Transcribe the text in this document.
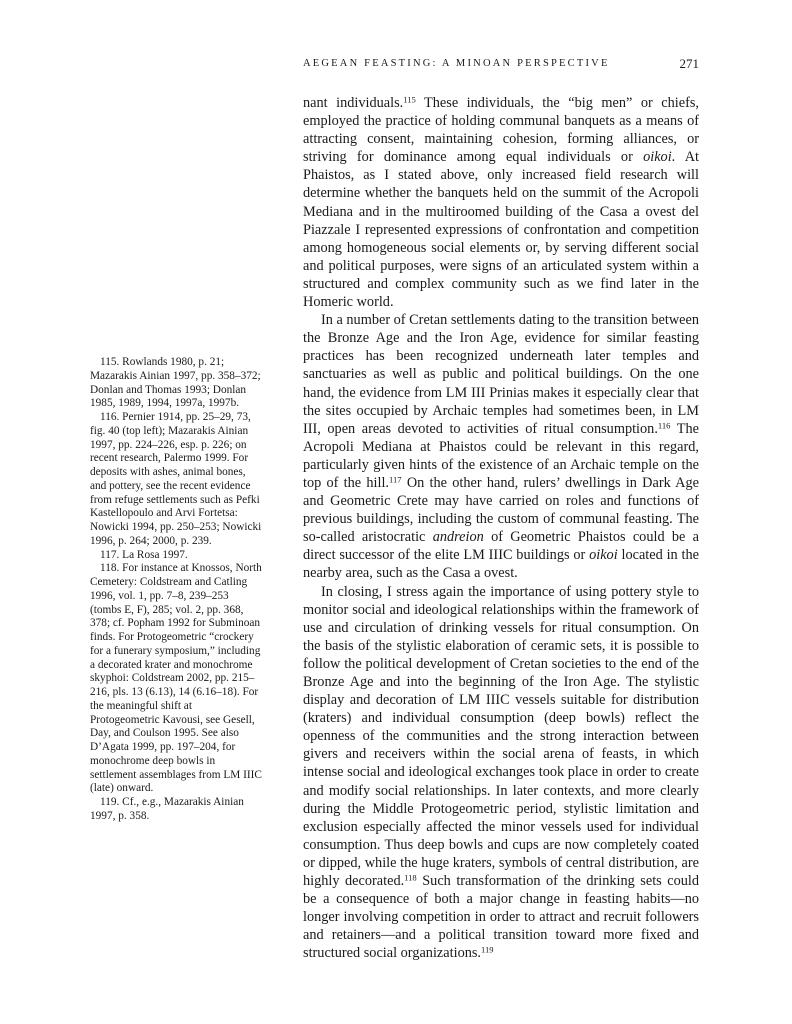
AEGEAN FEASTING: A MINOAN PERSPECTIVE	271

nant individuals.$^{115}$ These individuals, the “big men” or chiefs, employed the practice of holding communal banquets as a means of attracting consent, maintaining cohesion, forming alliances, or striving for dominance among equal individuals or oikoi. At Phaistos, as I stated above, only increased field research will determine whether the banquets held on the summit of the Acropoli Mediana and in the multiroomed building of the Casa a ovest del Piazzale I represented expressions of confrontation and competition among homogeneous social elements or, by serving different social and political purposes, were signs of an articulated system within a structured and complex community such as we find later in the Homeric world.

In a number of Cretan settlements dating to the transition between the Bronze Age and the Iron Age, evidence for similar feasting practices has been recognized underneath later temples and sanctuaries as well as public and political buildings. On the one hand, the evidence from LM III Prinias makes it especially clear that the sites occupied by Archaic temples had sometimes been, in LM III, open areas devoted to activities of ritual consumption.$^{116}$ The Acropoli Mediana at Phaistos could be relevant in this regard, particularly given hints of the existence of an Archaic temple on the top of the hill.$^{117}$ On the other hand, rulers’ dwellings in Dark Age and Geometric Crete may have carried on roles and functions of previous buildings, including the custom of communal feasting. The so-called aristocratic andreion of Geometric Phaistos could be a direct successor of the elite LM IIIC buildings or oikoi located in the nearby area, such as the Casa a ovest.

In closing, I stress again the importance of using pottery style to monitor social and ideological relationships within the framework of use and circulation of drinking vessels for ritual consumption. On the basis of the stylistic elaboration of ceramic sets, it is possible to follow the political development of Cretan societies to the end of the Bronze Age and into the beginning of the Iron Age. The stylistic display and decoration of LM IIIC vessels suitable for distribution (kraters) and individual consumption (deep bowls) reflect the openness of the communities and the strong interaction between givers and receivers within the social arena of feasts, in which intense social and ideological exchanges took place in order to create and modify social relationships. In later contexts, and more clearly during the Middle Protogeometric period, stylistic limitation and exclusion especially affected the minor vessels used for individual consumption. Thus deep bowls and cups are now completely coated or dipped, while the huge kraters, symbols of central distribution, are highly decorated.$^{118}$ Such transformation of the drinking sets could be a consequence of both a major change in feasting habits—no longer involving competition in order to attract and recruit followers and retainers—and a political transition toward more fixed and structured social organizations.$^{119}$

115. Rowlands 1980, p. 21; Mazarakis Ainian 1997, pp. 358–372; Donlan and Thomas 1993; Donlan 1985, 1989, 1994, 1997a, 1997b.

116. Pernier 1914, pp. 25–29, 73, fig. 40 (top left); Mazarakis Ainian 1997, pp. 224–226, esp. p. 226; on recent research, Palermo 1999. For deposits with ashes, animal bones, and pottery, see the recent evidence from refuge settlements such as Pefki Kastellopoulo and Arvi Fortetsa: Nowicki 1994, pp. 250–253; Nowicki 1996, p. 264; 2000, p. 239.

117. La Rosa 1997.

118. For instance at Knossos, North Cemetery: Coldstream and Catling 1996, vol. 1, pp. 7–8, 239–253 (tombs E, F), 285; vol. 2, pp. 368, 378; cf. Popham 1992 for Subminoan finds. For Protogeometric “crockery for a funerary symposium,” including a decorated krater and monochrome skyphoi: Coldstream 2002, pp. 215–216, pls. 13 (6.13), 14 (6.16–18). For the meaningful shift at Protogeometric Kavousi, see Gesell, Day, and Coulson 1995. See also D’Agata 1999, pp. 197–204, for monochrome deep bowls in settlement assemblages from LM IIIC (late) onward.

119. Cf., e.g., Mazarakis Ainian 1997, p. 358.
